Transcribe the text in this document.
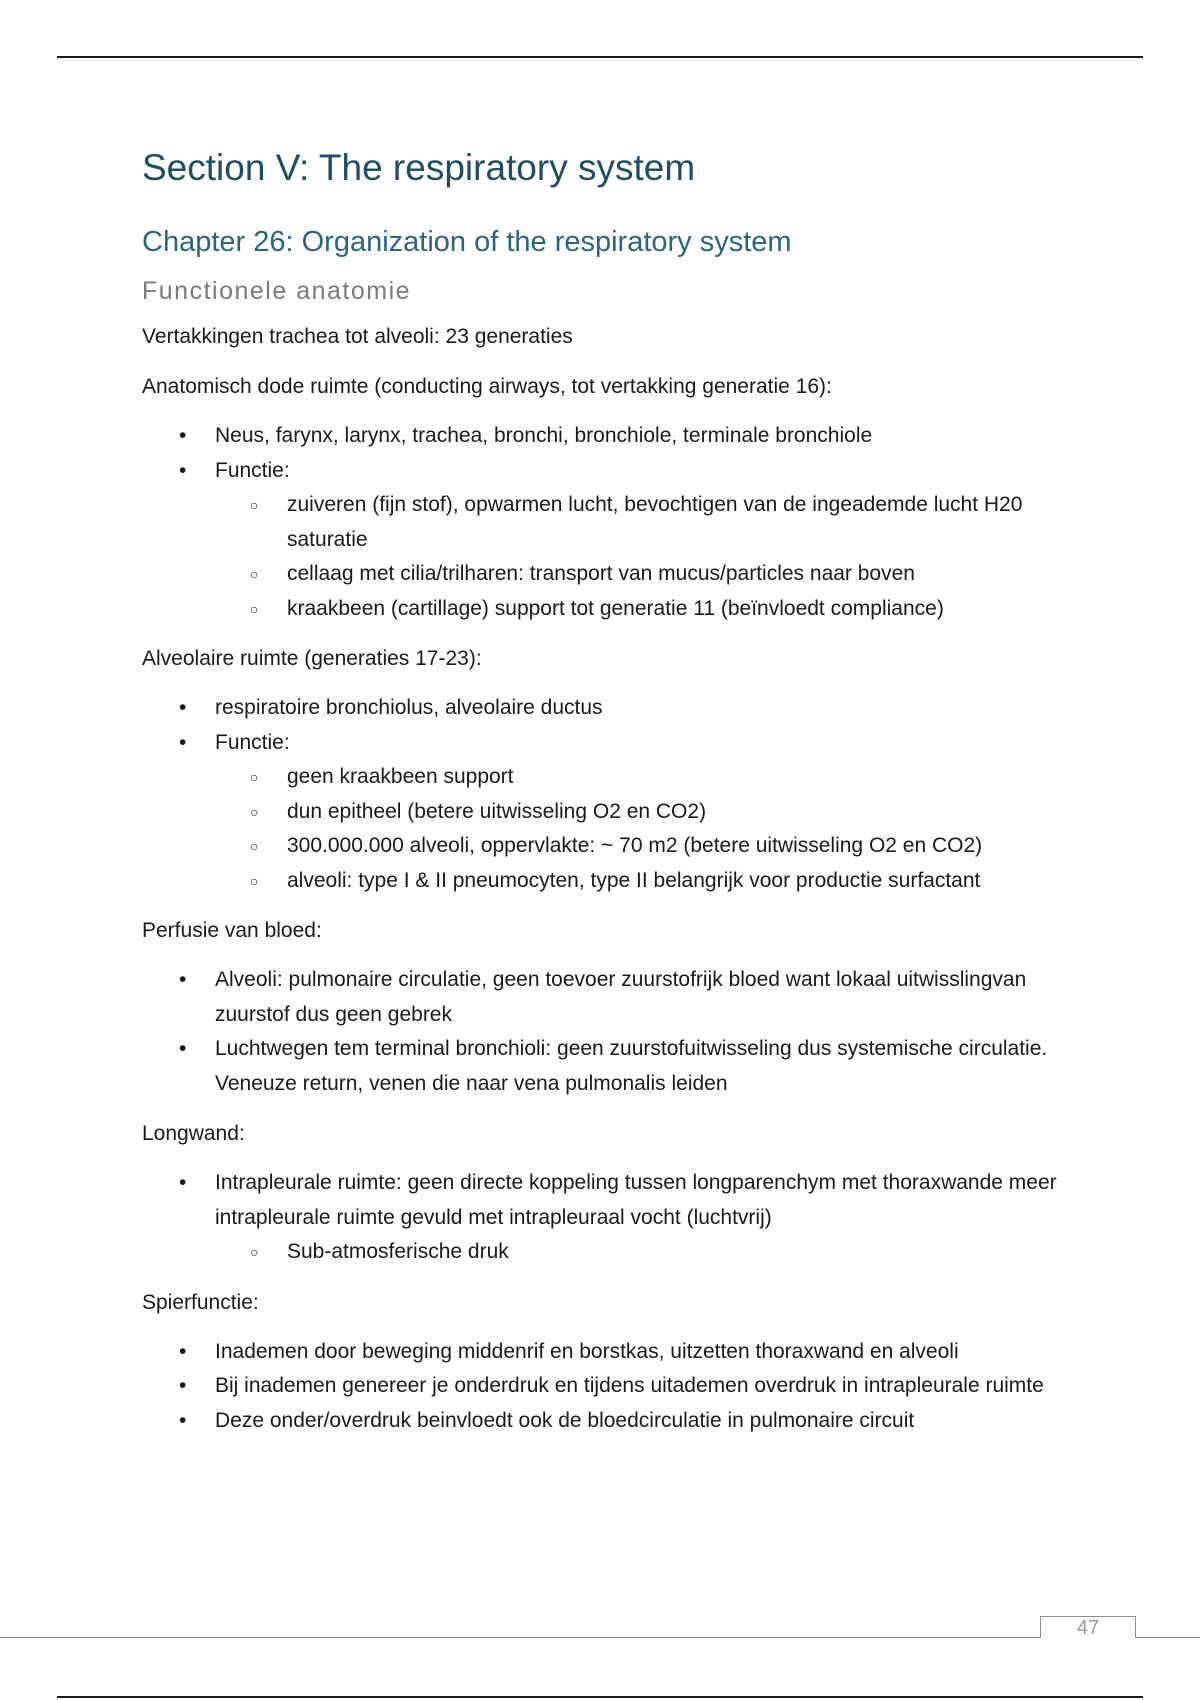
Section V: The respiratory system
Chapter 26: Organization of the respiratory system
Functionele anatomie

Vertakkingen trachea tot alveoli: 23 generaties

Anatomisch dode ruimte (conducting airways, tot vertakking generatie 16):

• Neus, farynx, larynx, trachea, bronchi, bronchiole, terminale bronchiole
• Functie:
○ zuiveren (fijn stof), opwarmen lucht, bevochtigen van de ingeademde lucht H20 saturatie
○ cellaag met cilia/trilharen: transport van mucus/particles naar boven
○ kraakbeen (cartillage) support tot generatie 11 (beïnvloedt compliance)

Alveolaire ruimte (generaties 17-23):

• respiratoire bronchiolus, alveolaire ductus
• Functie:
○ geen kraakbeen support
○ dun epitheel (betere uitwisseling O2 en CO2)
○ 300.000.000 alveoli, oppervlakte: ~ 70 m2 (betere uitwisseling O2 en CO2)
○ alveoli: type I & II pneumocyten, type II belangrijk voor productie surfactant

Perfusie van bloed:

• Alveoli: pulmonaire circulatie, geen toevoer zuurstofrijk bloed want lokaal uitwisslingvan zuurstof dus geen gebrek
• Luchtwegen tem terminal bronchioli: geen zuurstofuitwisseling dus systemische circulatie. Veneuze return, venen die naar vena pulmonalis leiden

Longwand:

• Intrapleurale ruimte: geen directe koppeling tussen longparenchym met thoraxwande meer intrapleurale ruimte gevuld met intrapleuraal vocht (luchtvrij)
○ Sub-atmosferische druk

Spierfunctie:

• Inademen door beweging middenrif en borstkas, uitzetten thoraxwand en alveoli
• Bij inademen genereer je onderdruk en tijdens uitademen overdruk in intrapleurale ruimte
• Deze onder/overdruk beinvloedt ook de bloedcirculatie in pulmonaire circuit
47
